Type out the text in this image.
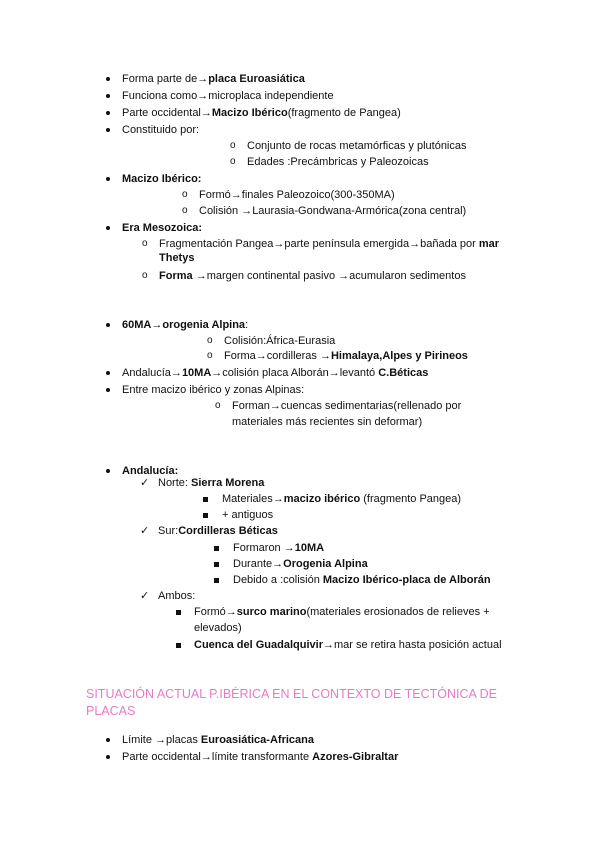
Forma parte de→placa Euroasiática
Funciona como→microplaca independiente
Parte occidental→Macizo Ibérico(fragmento de Pangea)
Constituido por:
o Conjunto de rocas metamórficas y plutónicas
o Edades :Precámbricas y Paleozoicas
Macizo Ibérico:
o Formó→finales Paleozoico(300-350MA)
o Colisión →Laurasia-Gondwana-Armórica(zona central)
Era Mesozoica:
o Fragmentación Pangea→parte península emergida→bañada por mar
Thetys
o Forma →margen continental pasivo →acumularon sedimentos
60MA→orogenia Alpina:
o Colisión:África-Eurasia
o Forma→cordilleras →Himalaya,Alpes y Pirineos
Andalucía→10MA→colisión placa Alborán→levantó C.Béticas
Entre macizo ibérico y zonas Alpinas:
o Forman→cuencas sedimentarias(rellenado por
materiales más recientes sin deformar)
Andalucía:
✓ Norte: Sierra Morena
Materiales→macizo ibérico (fragmento Pangea)
+ antiguos
✓ Sur:Cordilleras Béticas
Formaron →10MA
Durante→Orogenia Alpina
Debido a :colisión Macizo Ibérico-placa de Alborán
✓ Ambos:
Formó→surco marino(materiales erosionados de relieves +
elevados)
Cuenca del Guadalquivir→mar se retira hasta posición actual
SITUACIÓN ACTUAL P.IBÉRICA EN EL CONTEXTO DE TECTÓNICA DE
PLACAS
Límite →placas Euroasiática-Africana
Parte occidental→límite transformante Azores-Gibraltar
